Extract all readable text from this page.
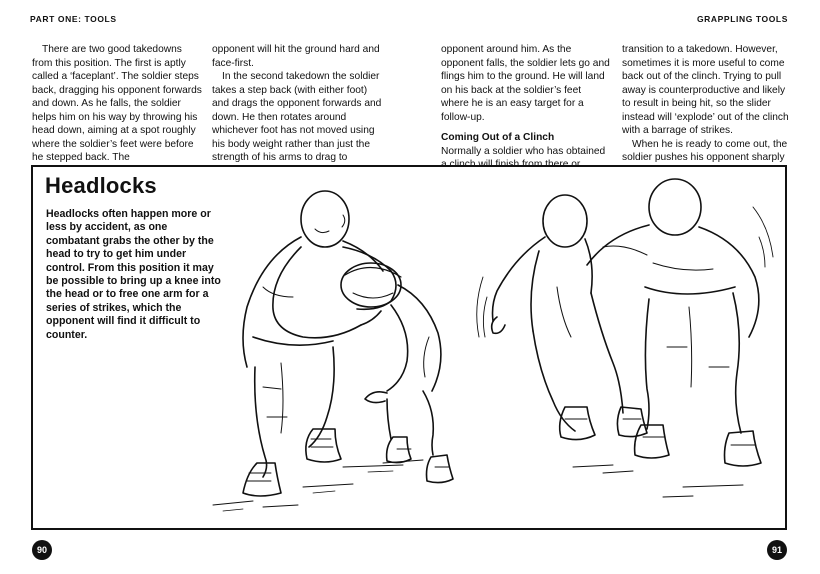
PART ONE: TOOLS	GRAPPLING TOOLS

There are two good takedowns from this position. The first is aptly called a ‘faceplant’. The soldier steps back, dragging his opponent forwards and down. As he falls, the soldier helps him on his way by throwing his head down, aiming at a spot roughly where the soldier’s feet were before he stepped back. The

opponent will hit the ground hard and face-first.

In the second takedown the soldier takes a step back (with either foot) and drags the opponent forwards and down. He then rotates around whichever foot has not moved using his body weight rather than just the strength of his arms to drag to

opponent around him. As the opponent falls, the soldier lets go and flings him to the ground. He will land on his back at the soldier’s feet where he is an easy target for a follow-up.

Coming Out of a Clinch

Normally a soldier who has obtained

transition to a takedown. However, sometimes it is more useful to come back out of the clinch. Trying to pull away is counterproductive and likely to result in being hit, so the slider instead will ‘explode’ out of the clinch with a barrage of strikes.

When he is ready to come out, the soldier pushes his opponent sharply

Headlocks
Headlocks often happen more or less by accident, as one combatant grabs the other by the head to try to get him under control. From this position it may be possible to bring up a knee into the head or to free one arm for a series of strikes, which the opponent will find it difficult to counter.
90	91
